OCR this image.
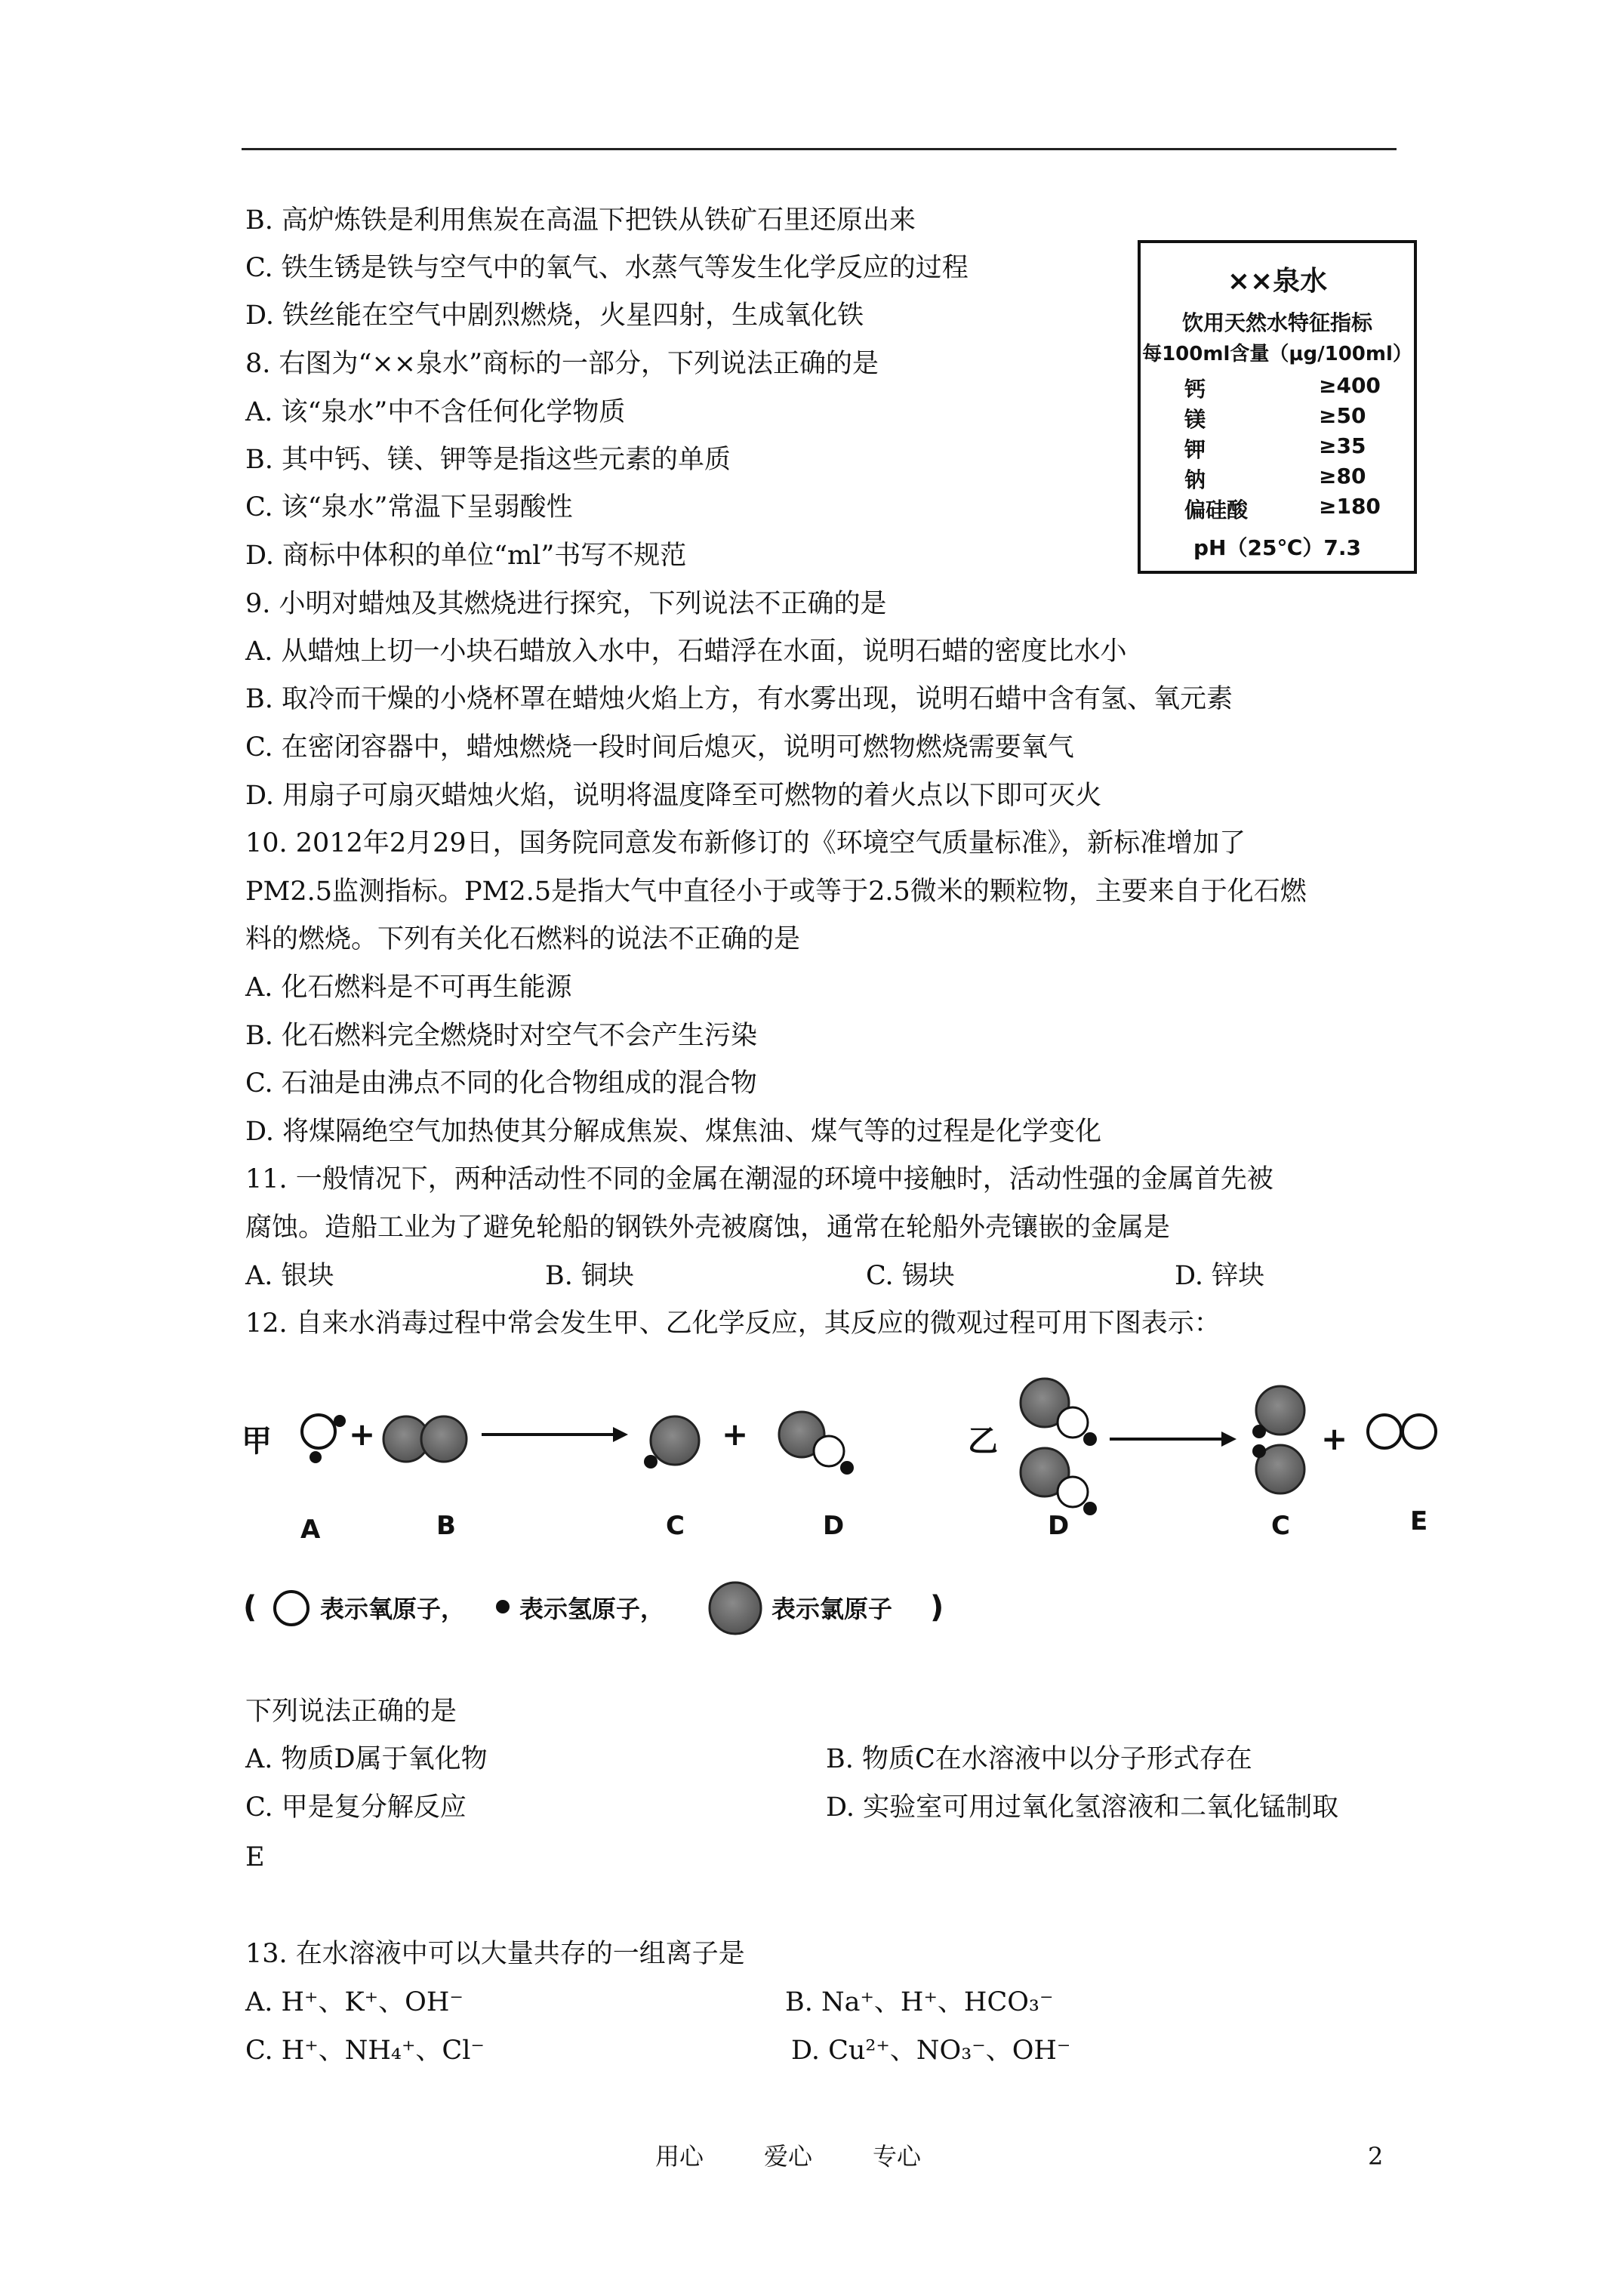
B. 高炉炼铁是利用焦炭在高温下把铁从铁矿石里还原出来
C. 铁生锈是铁与空气中的氧气、水蒸气等发生化学反应的过程
D. 铁丝能在空气中剧烈燃烧，火星四射，生成氧化铁
8. 右图为“××泉水”商标的一部分，下列说法正确的是
A. 该“泉水”中不含任何化学物质
B. 其中钙、镁、钾等是指这些元素的单质
C. 该“泉水”常温下呈弱酸性
D. 商标中体积的单位“ml”书写不规范
9. 小明对蜡烛及其燃烧进行探究，下列说法不正确的是
A. 从蜡烛上切一小块石蜡放入水中，石蜡浮在水面，说明石蜡的密度比水小
B. 取冷而干燥的小烧杯罩在蜡烛火焰上方，有水雾出现，说明石蜡中含有氢、氧元素
C. 在密闭容器中，蜡烛燃烧一段时间后熄灭，说明可燃物燃烧需要氧气
D. 用扇子可扇灭蜡烛火焰，说明将温度降至可燃物的着火点以下即可灭火
10. 2012年2月29日，国务院同意发布新修订的《环境空气质量标准》，新标准增加了
PM2.5监测指标。PM2.5是指大气中直径小于或等于2.5微米的颗粒物，主要来自于化石燃
料的燃烧。下列有关化石燃料的说法不正确的是
A. 化石燃料是不可再生能源
B. 化石燃料完全燃烧时对空气不会产生污染
C. 石油是由沸点不同的化合物组成的混合物
D. 将煤隔绝空气加热使其分解成焦炭、煤焦油、煤气等的过程是化学变化
11. 一般情况下，两种活动性不同的金属在潮湿的环境中接触时，活动性强的金属首先被
腐蚀。造船工业为了避免轮船的钢铁外壳被腐蚀，通常在轮船外壳镶嵌的金属是
A. 银块	B. 铜块	C. 锡块	D. 锌块
12. 自来水消毒过程中常会发生甲、乙化学反应，其反应的微观过程可用下图表示：
××泉水
饮用天然水特征指标
每100ml含量（μg/100ml）
钙	≥400
镁	≥50
钾	≥35
钠	≥80
偏硅酸	≥180
pH（25℃）7.3
甲 +	+
A	B	C	D
乙	+
D	C	E
(	表示氧原子， 表示氢原子，	表示氯原子 )
下列说法正确的是
A. 物质D属于氧化物	B. 物质C在水溶液中以分子形式存在
C. 甲是复分解反应	D. 实验室可用过氧化氢溶液和二氧化锰制取
E
13. 在水溶液中可以大量共存的一组离子是
A. H⁺、K⁺、OH⁻	B. Na⁺、H⁺、HCO₃⁻
C. H⁺、NH₄⁺、Cl⁻	D. Cu²⁺、NO₃⁻、OH⁻
用心 爱心 专心	2
